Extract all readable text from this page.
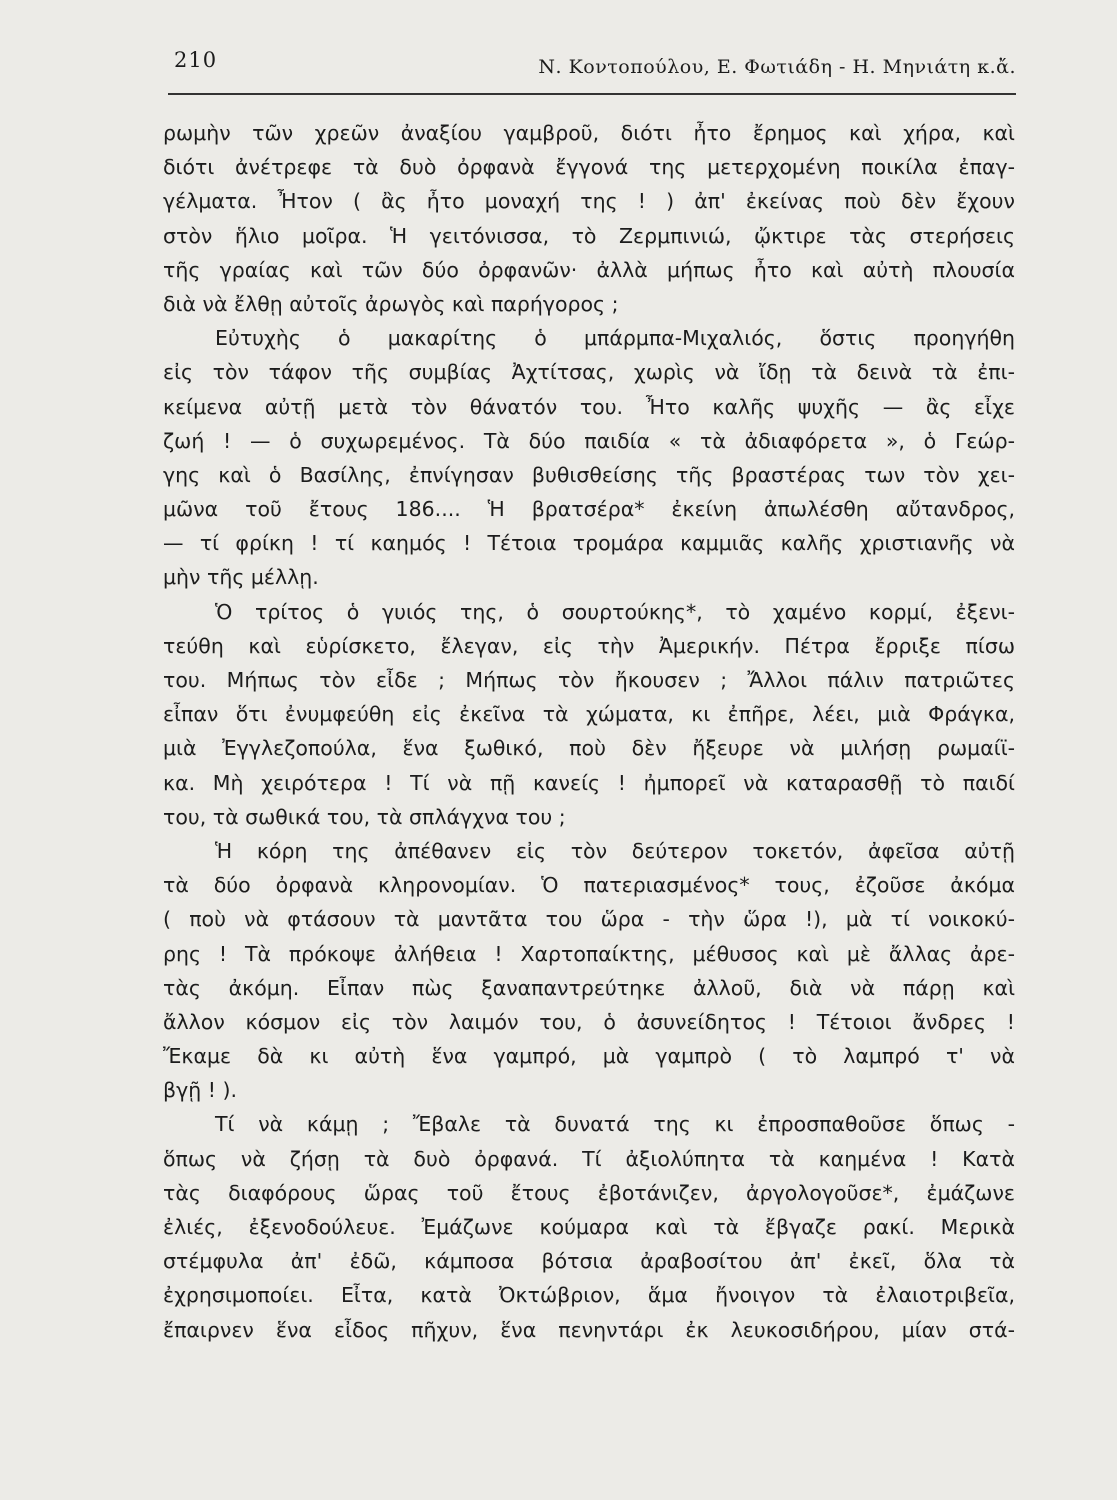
210	Ν. Κοντοπούλου, Ε. Φωτιάδη - Η. Μηνιάτη κ.ἄ.
ρωμὴν τῶν χρεῶν ἀναξίου γαμβροῦ, διότι ἦτο ἔρημος καὶ χήρα, καὶ
διότι ἀνέτρεφε τὰ δυὸ ὀρφανὰ ἔγγονά της μετερχομένη ποικίλα ἐπαγ-
γέλματα. Ἦτον ( ἂς ἦτο μοναχή της ! ) ἀπ' ἐκείνας ποὺ δὲν ἔχουν
στὸν ἥλιο μοῖρα. Ἡ γειτόνισσα, τὸ Ζερμπινιώ, ᾤκτιρε τὰς στερήσεις
τῆς γραίας καὶ τῶν δύο ὀρφανῶν· ἀλλὰ μήπως ἦτο καὶ αὐτὴ πλουσία
διὰ νὰ ἔλθῃ αὐτοῖς ἀρωγὸς καὶ παρήγορος ;
Εὐτυχὴς ὁ μακαρίτης ὁ μπάρμπα-Μιχαλιός, ὅστις προηγήθη
εἰς τὸν τάφον τῆς συμβίας Ἀχτίτσας, χωρὶς νὰ ἴδῃ τὰ δεινὰ τὰ ἐπι-
κείμενα αὐτῇ μετὰ τὸν θάνατόν του. Ἦτο καλῆς ψυχῆς — ἂς εἶχε
ζωή ! — ὁ συχωρεμένος. Τὰ δύο παιδία « τὰ ἀδιαφόρετα », ὁ Γεώρ-
γης καὶ ὁ Βασίλης, ἐπνίγησαν βυθισθείσης τῆς βραστέρας των τὸν χει-
μῶνα τοῦ ἔτους 186.... Ἡ βρατσέρα* ἐκείνη ἀπωλέσθη αὔτανδρος,
— τί φρίκη ! τί καημός ! Τέτοια τρομάρα καμμιᾶς καλῆς χριστιανῆς νὰ
μὴν τῆς μέλλῃ.
Ὁ τρίτος ὁ γυιός της, ὁ σουρτούκης*, τὸ χαμένο κορμί, ἐξενι-
τεύθη καὶ εὑρίσκετο, ἔλεγαν, εἰς τὴν Ἀμερικήν. Πέτρα ἔρριξε πίσω
του. Μήπως τὸν εἶδε ; Μήπως τὸν ἤκουσεν ; Ἄλλοι πάλιν πατριῶτες
εἶπαν ὅτι ἐνυμφεύθη εἰς ἐκεῖνα τὰ χώματα, κι ἐπῆρε, λέει, μιὰ Φράγκα,
μιὰ Ἐγγλεζοπούλα, ἕνα ξωθικό, ποὺ δὲν ἤξευρε νὰ μιλήσῃ ρωμαίϊ-
κα. Μὴ χειρότερα ! Τί νὰ πῇ κανείς ! ἠμπορεῖ νὰ καταρασθῇ τὸ παιδί
του, τὰ σωθικά του, τὰ σπλάγχνα του ;
Ἡ κόρη της ἀπέθανεν εἰς τὸν δεύτερον τοκετόν, ἀφεῖσα αὐτῇ
τὰ δύο ὀρφανὰ κληρονομίαν. Ὁ πατεριασμένος* τους, ἐζοῦσε ἀκόμα
( ποὺ νὰ φτάσουν τὰ μαντᾶτα του ὥρα - τὴν ὥρα !), μὰ τί νοικοκύ-
ρης ! Τὰ πρόκοψε ἀλήθεια ! Χαρτοπαίκτης, μέθυσος καὶ μὲ ἄλλας ἀρε-
τὰς ἀκόμη. Εἶπαν πὼς ξαναπαντρεύτηκε ἀλλοῦ, διὰ νὰ πάρῃ καὶ
ἄλλον κόσμον εἰς τὸν λαιμόν του, ὁ ἀσυνείδητος ! Τέτοιοι ἄνδρες !
Ἔκαμε δὰ κι αὐτὴ ἕνα γαμπρό, μὰ γαμπρὸ ( τὸ λαμπρό τ' νὰ
βγῇ ! ).
Τί νὰ κάμῃ ; Ἔβαλε τὰ δυνατά της κι ἐπροσπαθοῦσε ὅπως -
ὅπως νὰ ζήσῃ τὰ δυὸ ὀρφανά. Τί ἀξιολύπητα τὰ καημένα ! Κατὰ
τὰς διαφόρους ὥρας τοῦ ἔτους ἐβοτάνιζεν, ἀργολογοῦσε*, ἐμάζωνε
ἐλιές, ἐξενοδούλευε. Ἐμάζωνε κούμαρα καὶ τὰ ἔβγαζε ρακί. Μερικὰ
στέμφυλα ἀπ' ἐδῶ, κάμποσα βότσια ἀραβοσίτου ἀπ' ἐκεῖ, ὅλα τὰ
ἐχρησιμοποίει. Εἶτα, κατὰ Ὀκτώβριον, ἅμα ἤνοιγον τὰ ἐλαιοτριβεῖα,
ἔπαιρνεν ἕνα εἶδος πῆχυν, ἕνα πενηντάρι ἐκ λευκοσιδήρου, μίαν στά-
